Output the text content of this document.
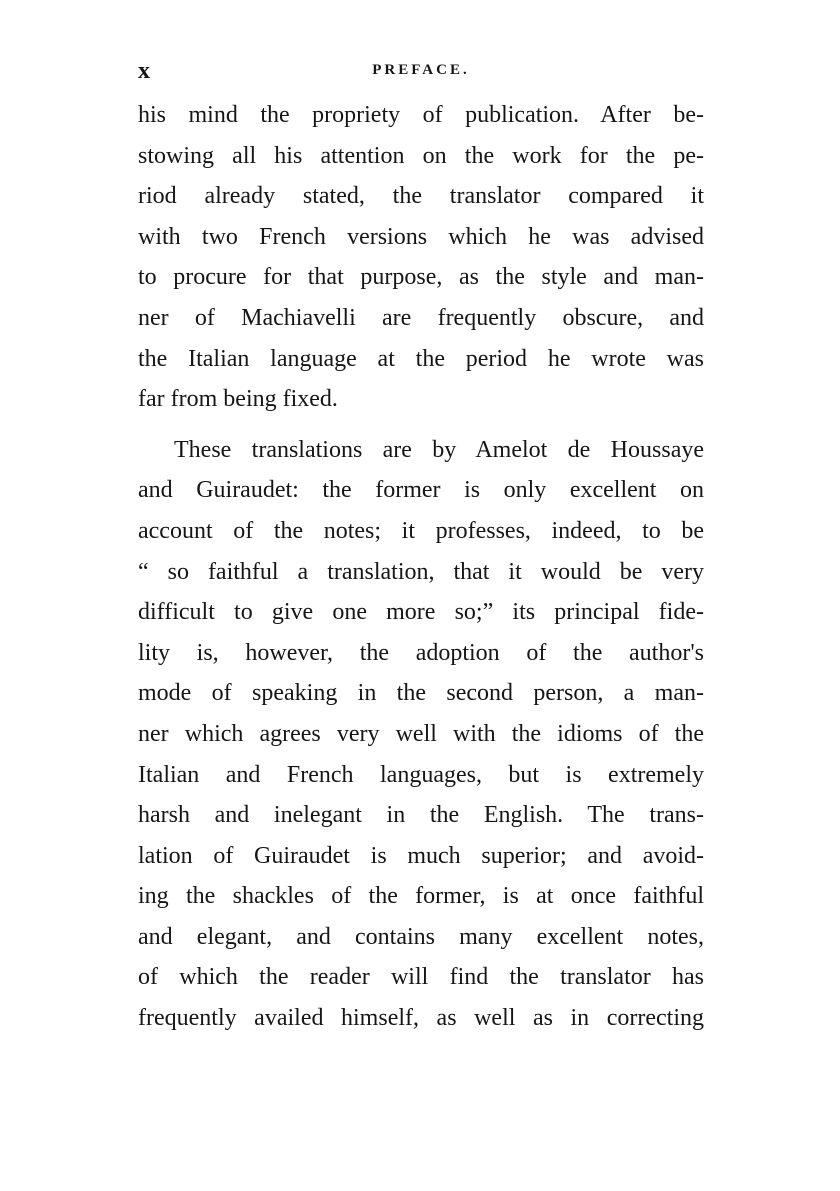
x	PREFACE.
his mind the propriety of publication. After be-
stowing all his attention on the work for the pe-
riod already stated, the translator compared it
with two French versions which he was advised
to procure for that purpose, as the style and man-
ner of Machiavelli are frequently obscure, and
the Italian language at the period he wrote was
far from being fixed.
These translations are by Amelot de Houssaye
and Guiraudet: the former is only excellent on
account of the notes; it professes, indeed, to be
“ so faithful a translation, that it would be very
difficult to give one more so;” its principal fide-
lity is, however, the adoption of the author's
mode of speaking in the second person, a man-
ner which agrees very well with the idioms of the
Italian and French languages, but is extremely
harsh and inelegant in the English. The trans-
lation of Guiraudet is much superior; and avoid-
ing the shackles of the former, is at once faithful
and elegant, and contains many excellent notes,
of which the reader will find the translator has
frequently availed himself, as well as in correcting
